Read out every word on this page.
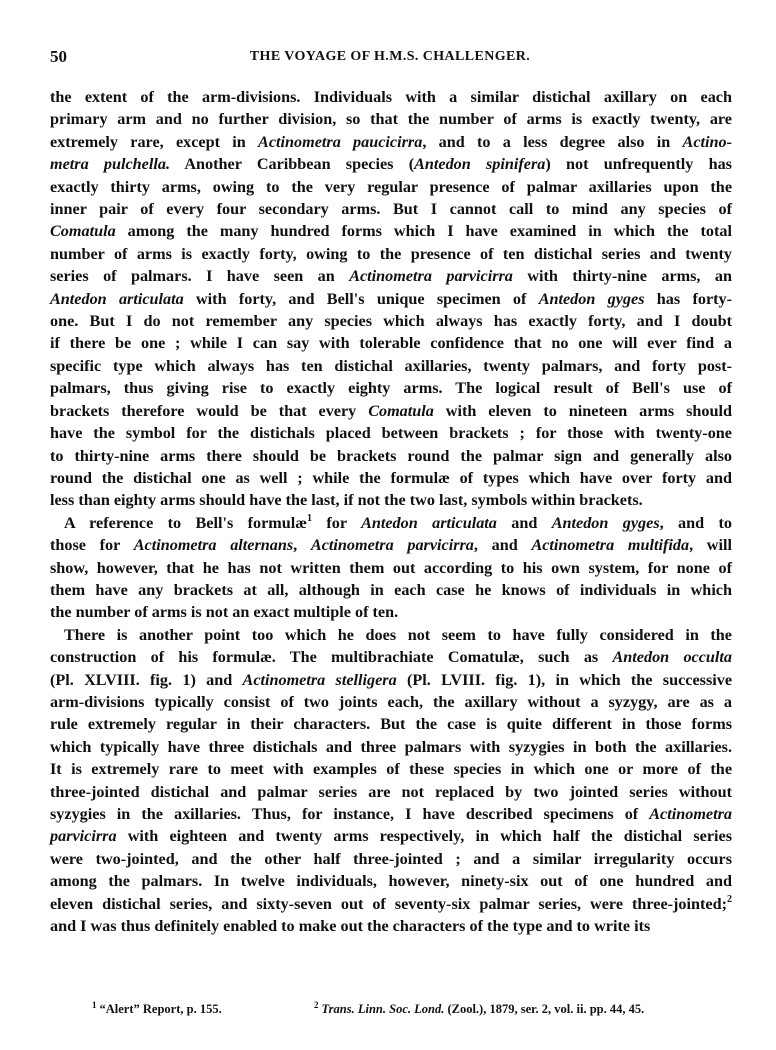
50	THE VOYAGE OF H.M.S. CHALLENGER.

the extent of the arm-divisions. Individuals with a similar distichal axillary on each
primary arm and no further division, so that the number of arms is exactly twenty, are
extremely rare, except in Actinometra paucicirra, and to a less degree also in Actino-
metra pulchella. Another Caribbean species (Antedon spinifera) not unfrequently has
exactly thirty arms, owing to the very regular presence of palmar axillaries upon the
inner pair of every four secondary arms. But I cannot call to mind any species of
Comatula among the many hundred forms which I have examined in which the total
number of arms is exactly forty, owing to the presence of ten distichal series and twenty
series of palmars. I have seen an Actinometra parvicirra with thirty-nine arms, an
Antedon articulata with forty, and Bell's unique specimen of Antedon gyges has forty-
one. But I do not remember any species which always has exactly forty, and I doubt
if there be one ; while I can say with tolerable confidence that no one will ever find a
specific type which always has ten distichal axillaries, twenty palmars, and forty post-
palmars, thus giving rise to exactly eighty arms. The logical result of Bell's use of
brackets therefore would be that every Comatula with eleven to nineteen arms should
have the symbol for the distichals placed between brackets ; for those with twenty-one
to thirty-nine arms there should be brackets round the palmar sign and generally also
round the distichal one as well ; while the formulæ of types which have over forty and
less than eighty arms should have the last, if not the two last, symbols within brackets.

A reference to Bell's formulæ$^1$ for Antedon articulata and Antedon gyges, and to
those for Actinometra alternans, Actinometra parvicirra, and Actinometra multifida, will
show, however, that he has not written them out according to his own system, for none of
them have any brackets at all, although in each case he knows of individuals in which
the number of arms is not an exact multiple of ten.

There is another point too which he does not seem to have fully considered in the
construction of his formulæ. The multibrachiate Comatulæ, such as Antedon occulta
(Pl. XLVIII. fig. 1) and Actinometra stelligera (Pl. LVIII. fig. 1), in which the successive
arm-divisions typically consist of two joints each, the axillary without a syzygy, are as a
rule extremely regular in their characters. But the case is quite different in those forms
which typically have three distichals and three palmars with syzygies in both the axillaries.
It is extremely rare to meet with examples of these species in which one or more of the
three-jointed distichal and palmar series are not replaced by two jointed series without
syzygies in the axillaries. Thus, for instance, I have described specimens of Actinometra
parvicirra with eighteen and twenty arms respectively, in which half the distichal series
were two-jointed, and the other half three-jointed ; and a similar irregularity occurs
among the palmars. In twelve individuals, however, ninety-six out of one hundred and
eleven distichal series, and sixty-seven out of seventy-six palmar series, were three-jointed;$^2$
and I was thus definitely enabled to make out the characters of the type and to write its

$^1$ “Alert” Report, p. 155.	$^2$ Trans. Linn. Soc. Lond. (Zool.), 1879, ser. 2, vol. ii. pp. 44, 45.
